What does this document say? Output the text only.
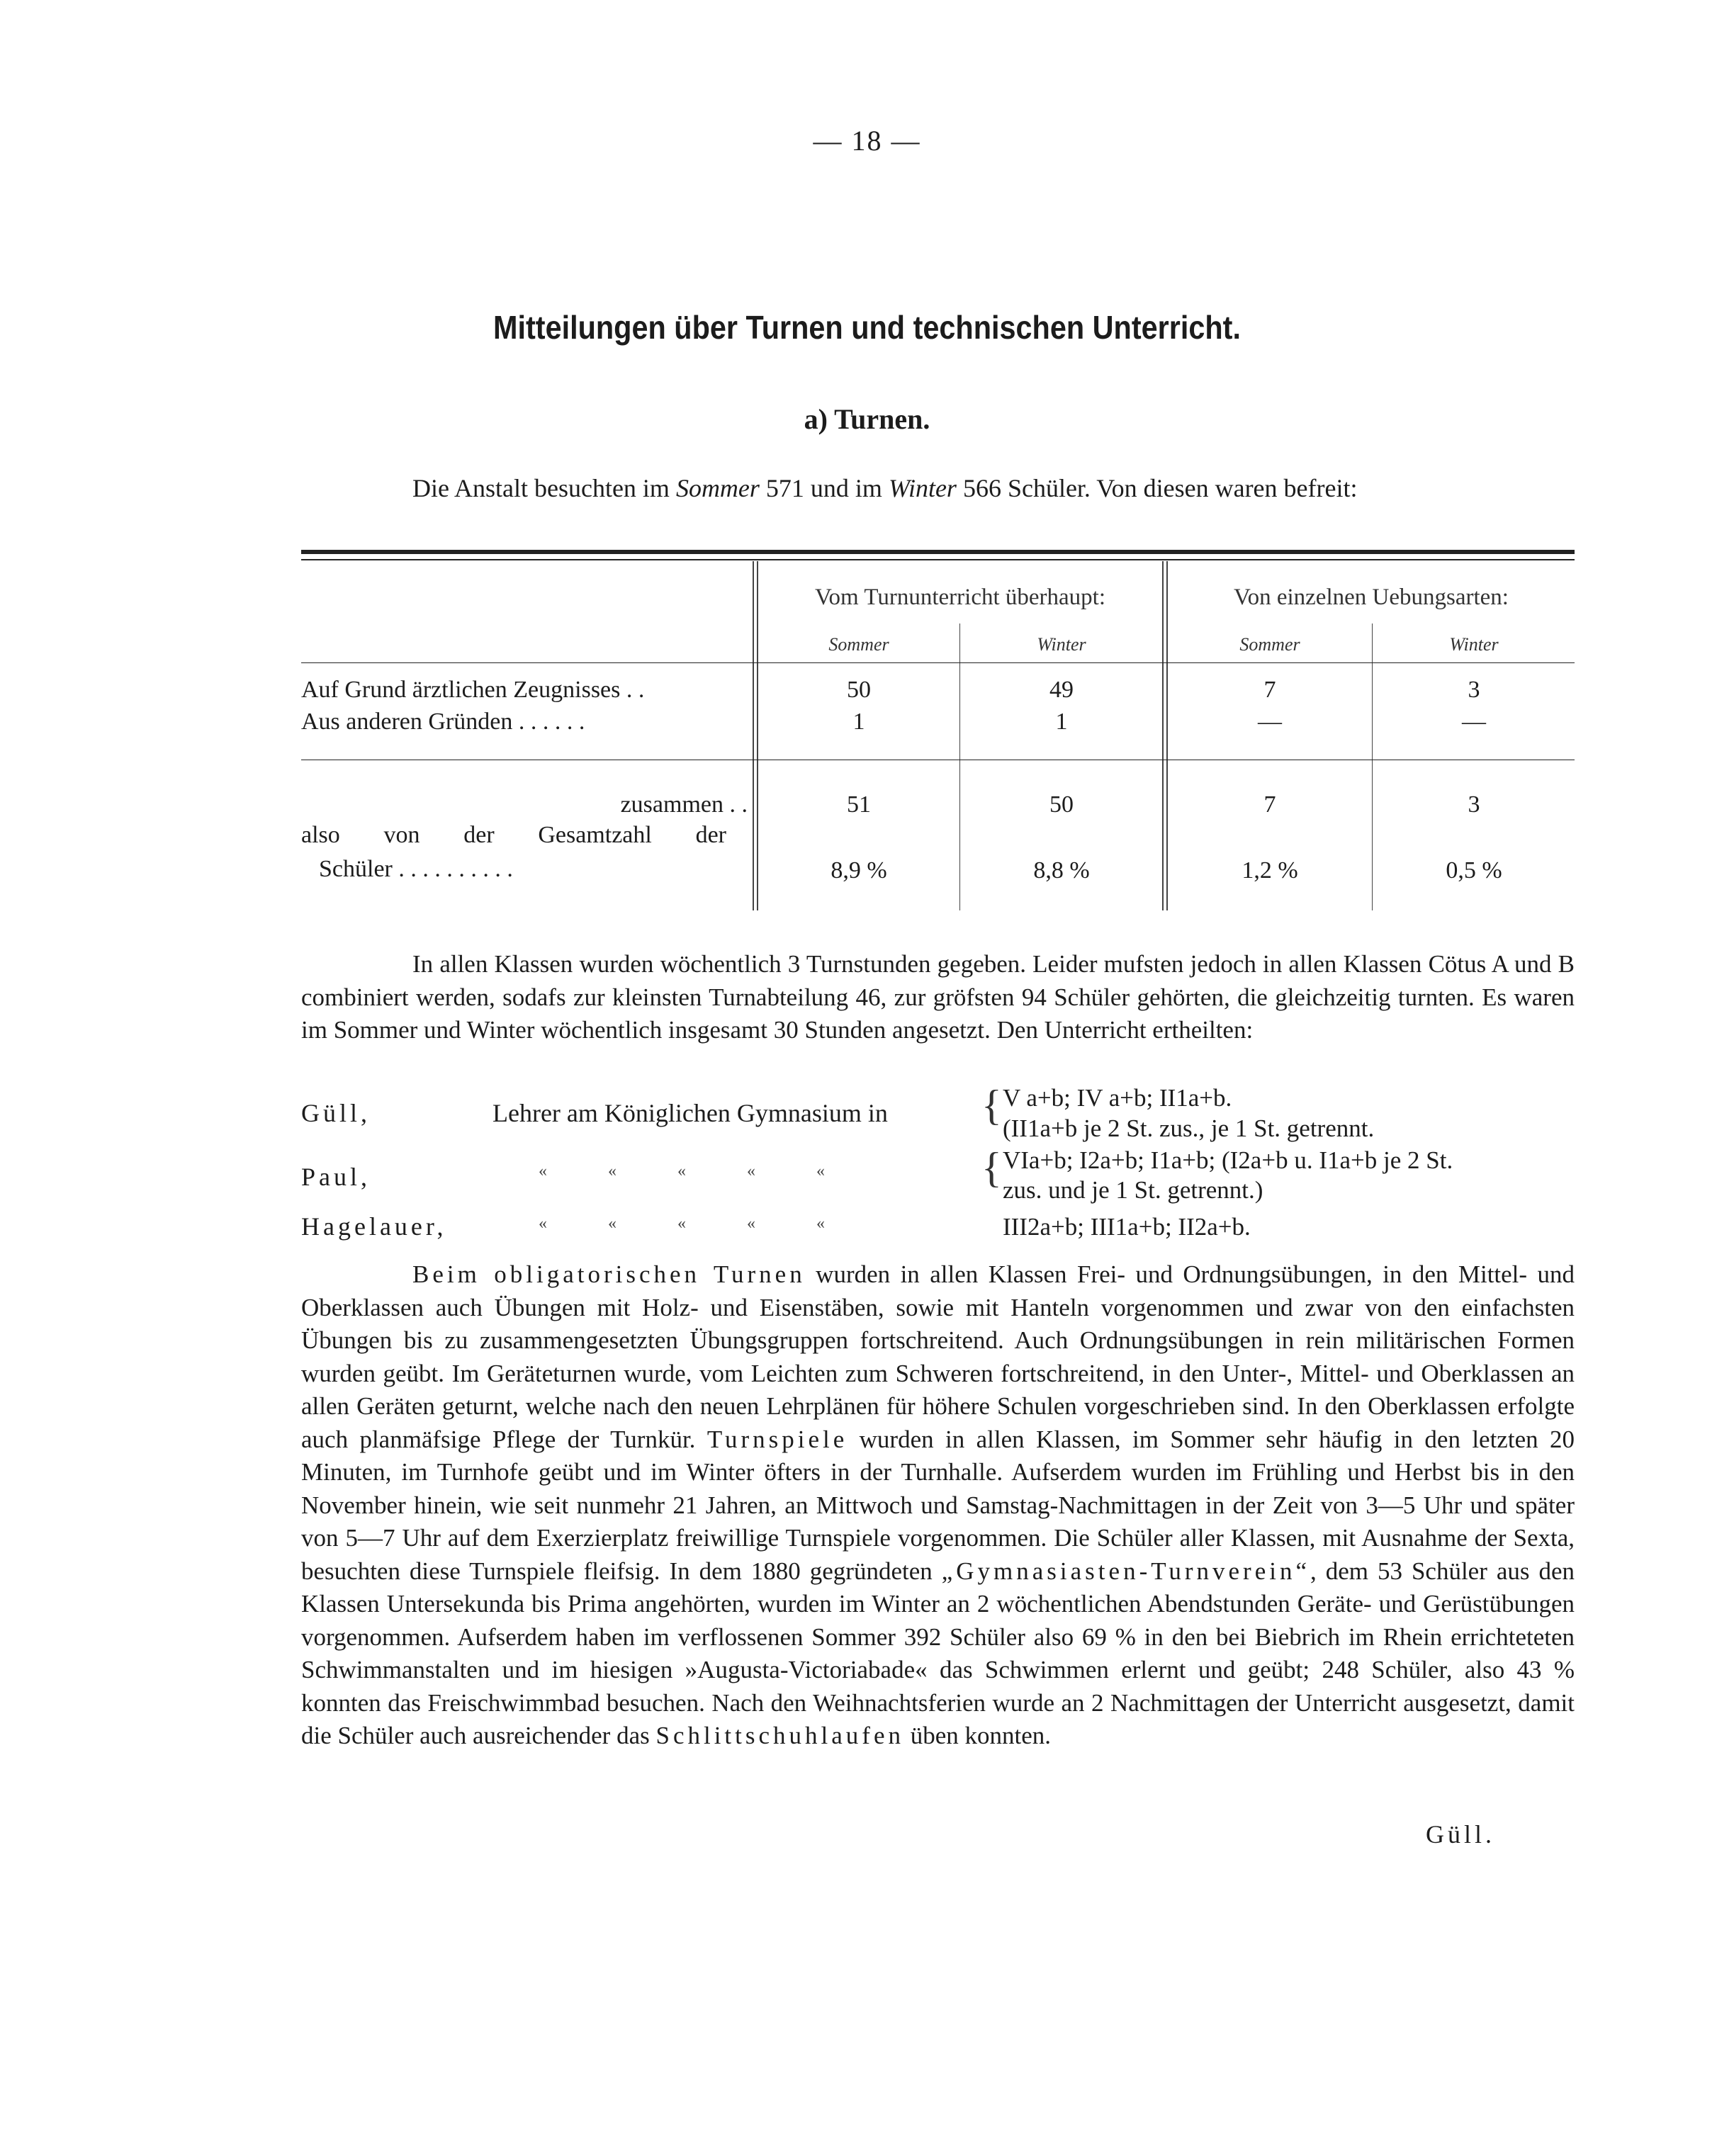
— 18 —
Mitteilungen über Turnen und technischen Unterricht.
a) Turnen.
Die Anstalt besuchten im Sommer 571 und im Winter 566 Schüler. Von diesen waren befreit:
Vom Turnunterricht überhaupt:	Von einzelnen Uebungsarten:
Sommer	Winter	Sommer	Winter
Auf Grund ärztlichen Zeugnisses . .	50	49	7	3
Aus anderen Gründen . . . . . .	1	1	—	—
zusammen . .	51	50	7	3
also von der Gesamtzahl der
Schüler . . . . . . . . . .	8,9 %	8,8 %	1,2 %	0,5 %
In allen Klassen wurden wöchentlich 3 Turnstunden gegeben. Leider mufsten jedoch in allen Klassen Cötus A und B combiniert werden, sodafs zur kleinsten Turnabteilung 46, zur gröfsten 94 Schüler gehörten, die gleichzeitig turnten. Es waren im Sommer und Winter wöchentlich insgesamt 30 Stunden angesetzt. Den Unterricht ertheilten:
Güll,	Lehrer am Königlichen Gymnasium in	{ V a+b; IV a+b; II1a+b.
(II1a+b je 2 St. zus., je 1 St. getrennt.
Paul,	« « « « «	{ VIa+b; I2a+b; I1a+b; (I2a+b u. I1a+b je 2 St.
zus. und je 1 St. getrennt.)
Hagelauer,	« « « « «	III2a+b; III1a+b; II2a+b.
Beim obligatorischen Turnen wurden in allen Klassen Frei- und Ordnungsübungen, in den Mittel- und Oberklassen auch Übungen mit Holz- und Eisenstäben, sowie mit Hanteln vorgenommen und zwar von den einfachsten Übungen bis zu zusammengesetzten Übungsgruppen fortschreitend. Auch Ordnungsübungen in rein militärischen Formen wurden geübt. Im Geräteturnen wurde, vom Leichten zum Schweren fortschreitend, in den Unter-, Mittel- und Oberklassen an allen Geräten geturnt, welche nach den neuen Lehrplänen für höhere Schulen vorgeschrieben sind. In den Oberklassen erfolgte auch planmäfsige Pflege der Turnkür. Turnspiele wurden in allen Klassen, im Sommer sehr häufig in den letzten 20 Minuten, im Turnhofe geübt und im Winter öfters in der Turnhalle. Aufserdem wurden im Frühling und Herbst bis in den November hinein, wie seit nunmehr 21 Jahren, an Mittwoch und Samstag-Nachmittagen in der Zeit von 3—5 Uhr und später von 5—7 Uhr auf dem Exerzierplatz freiwillige Turnspiele vorgenommen. Die Schüler aller Klassen, mit Ausnahme der Sexta, besuchten diese Turnspiele fleifsig. In dem 1880 gegründeten „Gymnasiasten-Turnverein“, dem 53 Schüler aus den Klassen Untersekunda bis Prima angehörten, wurden im Winter an 2 wöchentlichen Abendstunden Geräte- und Gerüstübungen vorgenommen. Aufserdem haben im verflossenen Sommer 392 Schüler also 69 % in den bei Biebrich im Rhein errichteteten Schwimmanstalten und im hiesigen »Augusta-Victoriabade« das Schwimmen erlernt und geübt; 248 Schüler, also 43 % konnten das Freischwimmbad besuchen. Nach den Weihnachtsferien wurde an 2 Nachmittagen der Unterricht ausgesetzt, damit die Schüler auch ausreichender das Schlittschuhlaufen üben konnten.
Güll.
